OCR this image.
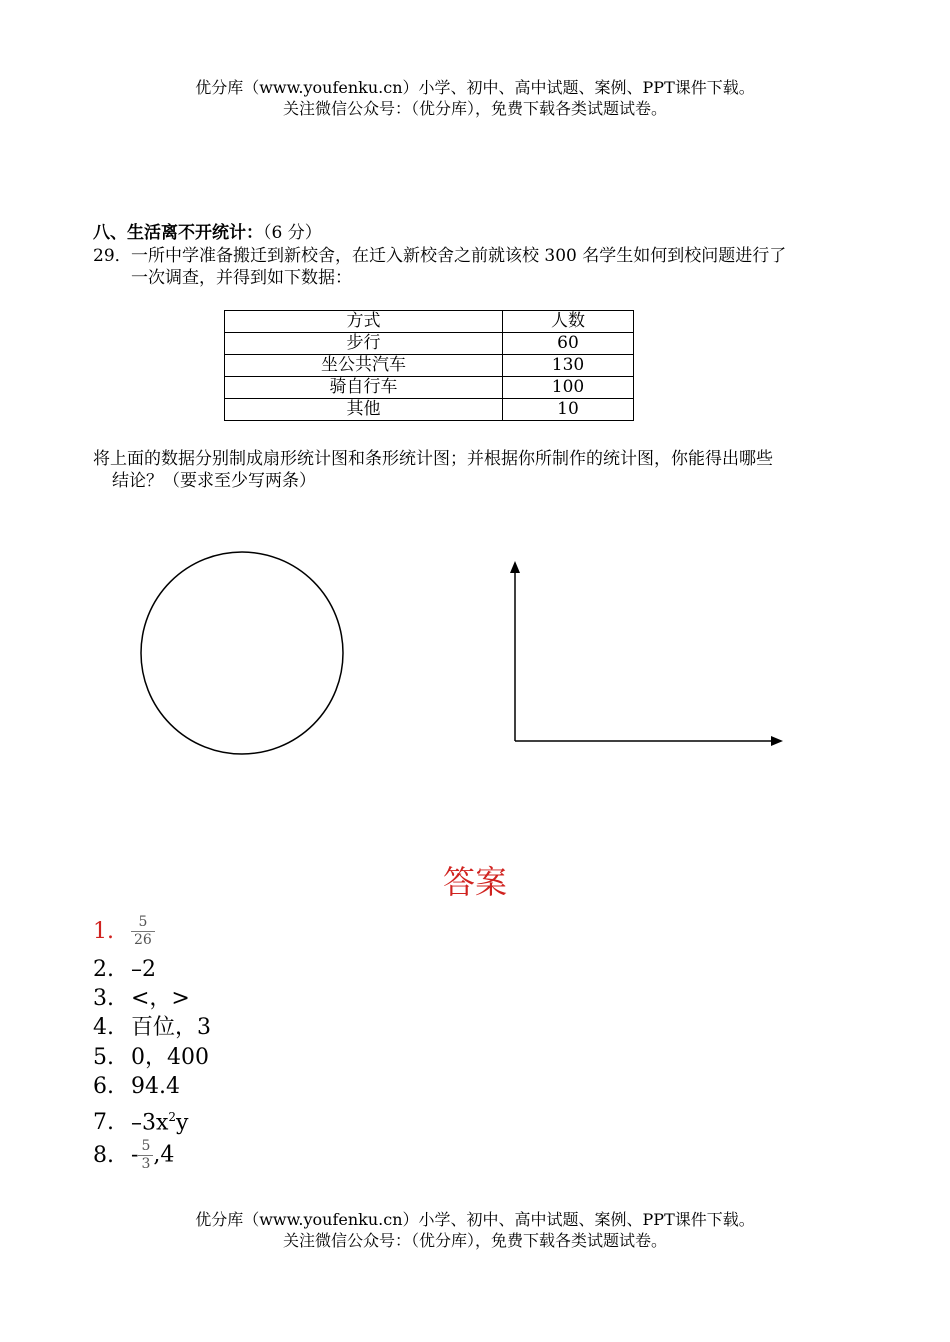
优分库（www.youfenku.cn）小学、初中、高中试题、案例、PPT课件下载。
关注微信公众号：（优分库），免费下载各类试题试卷。
八、生活离不开统计：（6 分）
29． 一所中学准备搬迁到新校舍，在迁入新校舍之前就该校 300 名学生如何到校问题进行了
一次调查，并得到如下数据：
方式	人数
步行	60
坐公共汽车	130
骑自行车	100
其他	10
将上面的数据分别制成扇形统计图和条形统计图；并根据你所制作的统计图，你能得出哪些
结论？（要求至少写两条）
答案
1. $\frac{5}{26}$
2. –2
3. <，>
4. 百位，3
5. 0，400
6. 94.4
7. $-3x^2y$
8. - $\frac{5}{3} ,4$
优分库（www.youfenku.cn）小学、初中、高中试题、案例、PPT课件下载。
关注微信公众号：（优分库），免费下载各类试题试卷。
